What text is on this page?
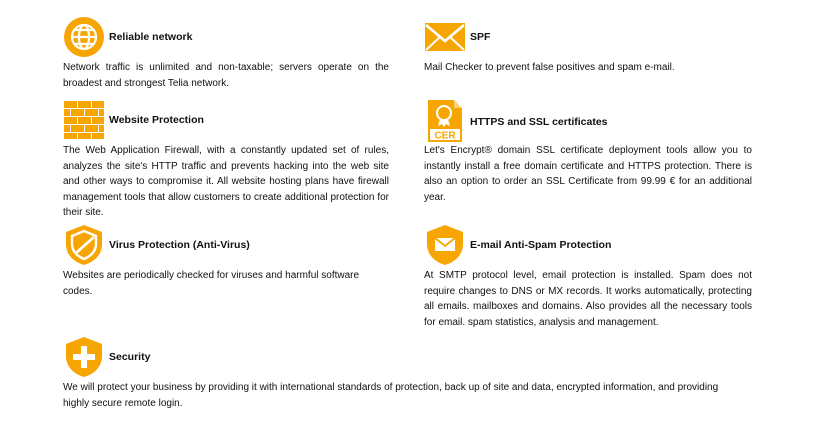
Reliable network

Network traffic is unlimited and non-taxable; servers operate on the broadest and strongest Telia network.

SPF

Mail Checker to prevent false positives and spam e-mail.

Website Protection

The Web Application Firewall, with a constantly updated set of rules, analyzes the site's HTTP traffic and prevents hacking into the web site and other ways to compromise it. All website hosting plans have firewall management tools that allow customers to create additional protection for their site.

CER
HTTPS and SSL certificates

Let's Encrypt® domain SSL certificate deployment tools allow you to instantly install a free domain certificate and HTTPS protection. There is also an option to order an SSL Certificate from 99.99 € for an additional year.

Virus Protection (Anti-Virus)

Websites are periodically checked for viruses and harmful software codes.

E-mail Anti-Spam Protection

At SMTP protocol level, email protection is installed. Spam does not require changes to DNS or MX records. It works automatically, protecting all emails. mailboxes and domains. Also provides all the necessary tools for email. spam statistics, analysis and management.

Security

We will protect your business by providing it with international standards of protection, back up of site and data, encrypted information, and providing highly secure remote login.
